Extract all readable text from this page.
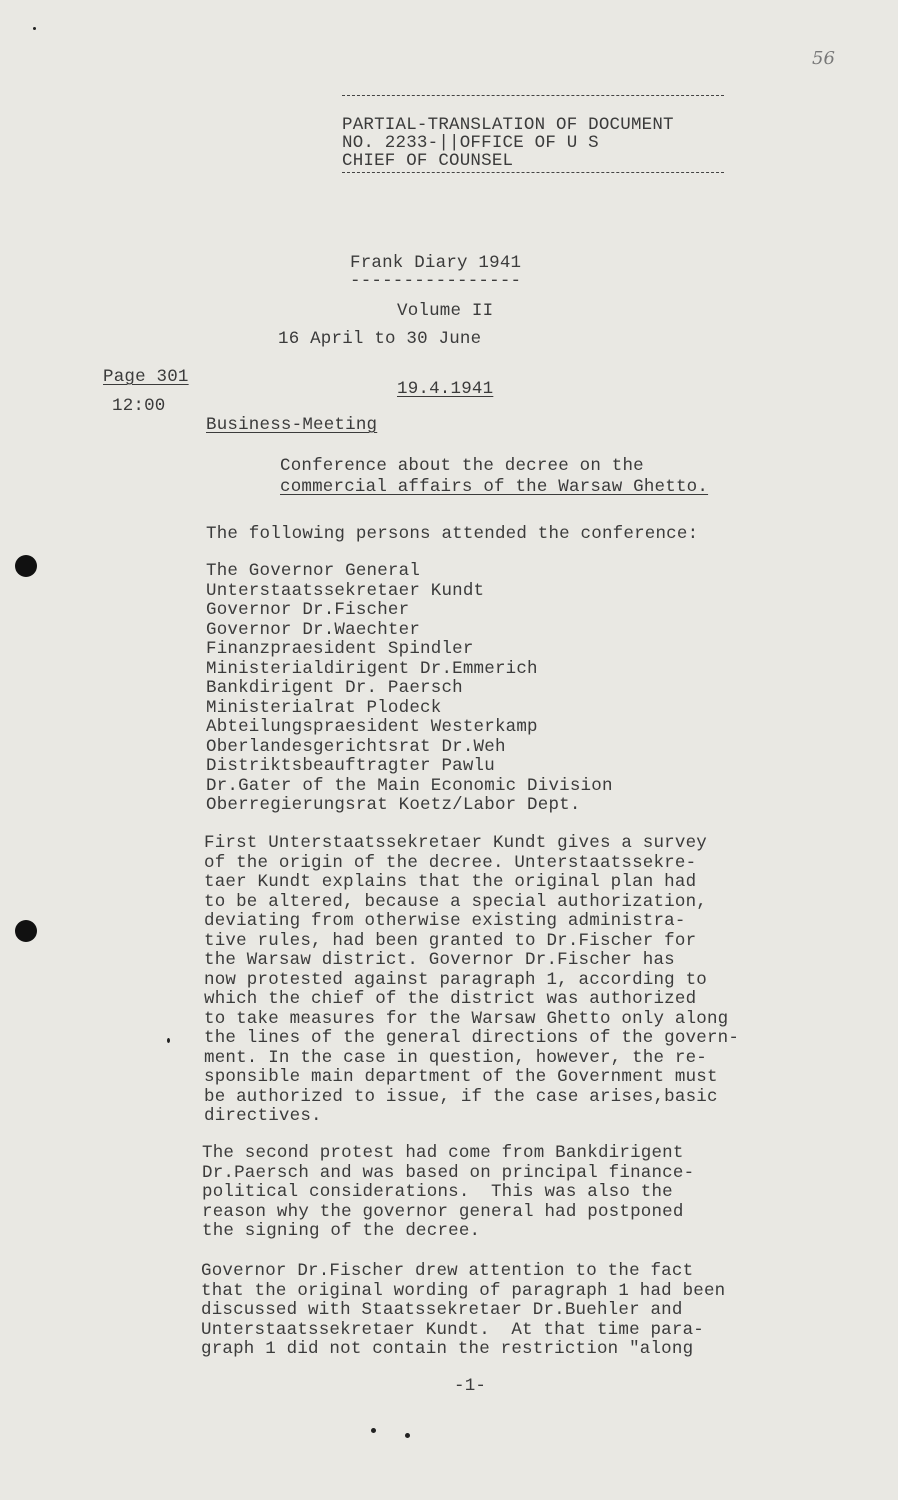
56
PARTIAL-TRANSLATION OF DOCUMENT
NO. 2233-||OFFICE OF U S
CHIEF OF COUNSEL
Frank Diary 1941
----------------
Volume II
16 April to 30 June
Page 301
12:00
19.4.1941
Business-Meeting
Conference about the decree on the
commercial affairs of the Warsaw Ghetto.
The following persons attended the conference:
The Governor General
Unterstaatssekretaer Kundt
Governor Dr.Fischer
Governor Dr.Waechter
Finanzpraesident Spindler
Ministerialdirigent Dr.Emmerich
Bankdirigent Dr. Paersch
Ministerialrat Plodeck
Abteilungspraesident Westerkamp
Oberlandesgerichtsrat Dr.Weh
Distriktsbeauftragter Pawlu
Dr.Gater of the Main Economic Division
Oberregierungsrat Koetz/Labor Dept.
First Unterstaatssekretaer Kundt gives a survey
of the origin of the decree. Unterstaatssekre-
taer Kundt explains that the original plan had
to be altered, because a special authorization,
deviating from otherwise existing administra-
tive rules, had been granted to Dr.Fischer for
the Warsaw district. Governor Dr.Fischer has
now protested against paragraph 1, according to
which the chief of the district was authorized
to take measures for the Warsaw Ghetto only along
the lines of the general directions of the govern-
ment. In the case in question, however, the re-
sponsible main department of the Government must
be authorized to issue, if the case arises,basic
directives.
The second protest had come from Bankdirigent
Dr.Paersch and was based on principal finance-
political considerations.  This was also the
reason why the governor general had postponed
the signing of the decree.
Governor Dr.Fischer drew attention to the fact
that the original wording of paragraph 1 had been
discussed with Staatssekretaer Dr.Buehler and
Unterstaatssekretaer Kundt.  At that time para-
graph 1 did not contain the restriction "along
-1-
